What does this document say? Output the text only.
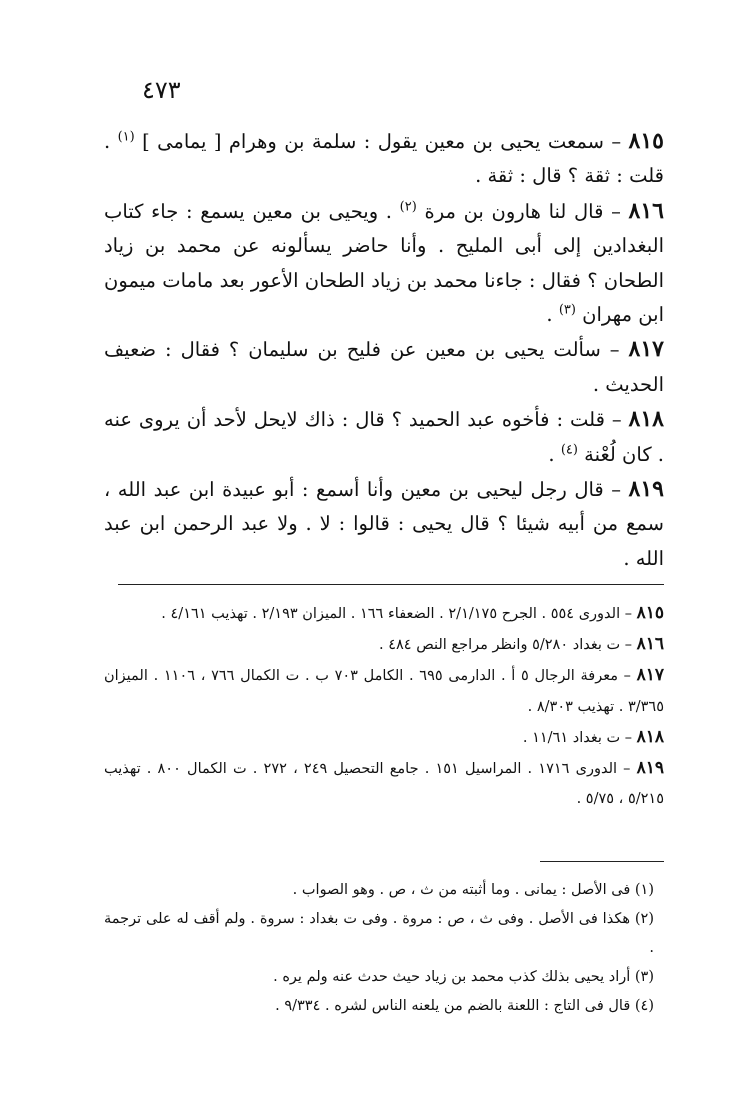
٤٧٣

٨١٥ – سمعت يحيى بن معين يقول : سلمة بن وهرام [ يمامى ] $^{(١)}$ . قلت : ثقة ؟ قال : ثقة .

٨١٦ – قال لنا هارون بن مرة $^{(٢)}$ . ويحيى بن معين يسمع : جاء كتاب البغدادين إلى أبى المليح . وأنا حاضر يسألونه عن محمد بن زياد الطحان ؟ فقال : جاءنا محمد بن زياد الطحان الأعور بعد مامات ميمون ابن مهران $^{(٣)}$ .

٨١٧ – سألت يحيى بن معين عن فليح بن سليمان ؟ فقال : ضعيف الحديث .

٨١٨ – قلت : فأخوه عبد الحميد ؟ قال : ذاك لايحل لأحد أن يروى عنه . كان لُعْنة $^{(٤)}$ .

٨١٩ – قال رجل ليحيى بن معين وأنا أسمع : أبو عبيدة ابن عبد الله ، سمع من أبيه شيئا ؟ قال يحيى : قالوا : لا . ولا عبد الرحمن ابن عبد الله .

٨١٥ – الدورى ٥٥٤ . الجرح ٢/١/١٧٥ . الضعفاء ١٦٦ . الميزان ٢/١٩٣ . تهذيب ٤/١٦١ .

٨١٦ – ت بغداد ٥/٢٨٠ وانظر مراجع النص ٤٨٤ .

٨١٧ – معرفة الرجال ٥ أ . الدارمى ٦٩٥ . الكامل ٧٠٣ ب . ت الكمال ٧٦٦ ، ١١٠٦ . الميزان ٣/٣٦٥ . تهذيب ٨/٣٠٣ .

٨١٨ – ت بغداد ١١/٦١ .

٨١٩ – الدورى ١٧١٦ . المراسيل ١٥١ . جامع التحصيل ٢٤٩ ، ٢٧٢ . ت الكمال ٨٠٠ . تهذيب ٥/٢١٥ ، ٥/٧٥ .

(١) فى الأصل : يمانى . وما أثبته من ث ، ص . وهو الصواب .

(٢) هكذا فى الأصل . وفى ث ، ص : مروة . وفى ت بغداد : سروة . ولم أقف له على ترجمة .

(٣) أراد يحيى بذلك كذب محمد بن زياد حيث حدث عنه ولم يره .

(٤) قال فى التاج : اللعنة بالضم من يلعنه الناس لشره . ٩/٣٣٤ .
